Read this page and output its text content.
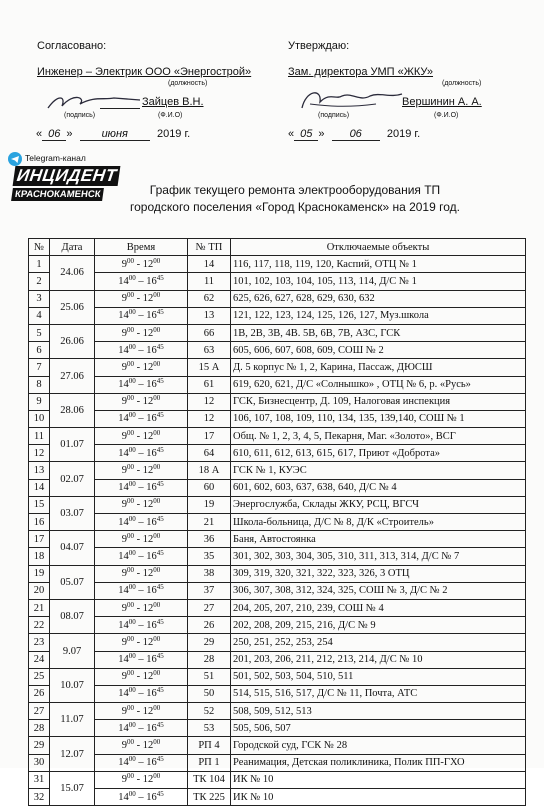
Согласовано:
Инженер – Электрик ООО «Энергострой»
(должность)
(подпись)
Зайцев В.Н.
(Ф.И.О)
« 06 »	июня	2019 г.
Утверждаю:
Зам. директора УМП «ЖКУ»
(должность)
(подпись)
Вершинин А. А.
(Ф.И.О)
« 05 » 06 2019 г.
Telegram-канал
ИНЦИДЕНТ
КРАСНОКАМЕНСК	График текущего ремонта электрооборудования ТП
городского поселения «Город Краснокаменск» на 2019 год.
№	Дата	Время	№ ТП	Отключаемые объекты
1	24.06	$9^{00} - 12^{00}$	14	116, 117, 118, 119, 120, Каспий, ОТЦ № 1
2		$14^{00} - 16^{45}$	11	101, 102, 103, 104, 105, 113, 114, Д/С № 1
3	25.06	$9^{00} - 12^{00}$	62	625, 626, 627, 628, 629, 630, 632
4		$14^{00} - 16^{45}$	13	121, 122, 123, 124, 125, 126, 127, Муз.школа
5	26.06	$9^{00} - 12^{00}$	66	1В, 2В, 3В, 4В. 5В, 6В, 7В, АЗС, ГСК
6		$14^{00} - 16^{45}$	63	605, 606, 607, 608, 609, СОШ № 2
7	27.06	$9^{00} - 12^{00}$	15 А	Д. 5 корпус № 1, 2, Карина, Пассаж, ДЮСШ
8		$14^{00} - 16^{45}$	61	619, 620, 621, Д/С «Солнышко» , ОТЦ № 6, р. «Русь»
9	28.06	$9^{00} - 12^{00}$	12	ГСК, Бизнесцентр, Д. 109, Налоговая инспекция
10		$14^{00} - 16^{45}$	12	106, 107, 108, 109, 110, 134, 135, 139,140, СОШ № 1
11	01.07	$9^{00} - 12^{00}$	17	Общ. № 1, 2, 3, 4, 5, Пекарня, Маг. «Золото», ВСГ
12		$14^{00} - 16^{45}$	64	610, 611, 612, 613, 615, 617, Приют «Доброта»
13	02.07	$9^{00} - 12^{00}$	18 А	ГСК № 1, КУЭС
14		$14^{00} - 16^{45}$	60	601, 602, 603, 637, 638, 640, Д/С № 4
15	03.07	$9^{00} - 12^{00}$	19	Энергослужба, Склады ЖКУ, РСЦ, ВГСЧ
16		$14^{00} - 16^{45}$	21	Школа-больница, Д/С № 8, Д/К «Строитель»
17	04.07	$9^{00} - 12^{00}$	36	Баня, Автостоянка
18		$14^{00} - 16^{45}$	35	301, 302, 303, 304, 305, 310, 311, 313, 314, Д/С № 7
19	05.07	$9^{00} - 12^{00}$	38	309, 319, 320, 321, 322, 323, 326, 3 ОТЦ
20		$14^{00} - 16^{45}$	37	306, 307, 308, 312, 324, 325, СОШ № 3, Д/С № 2
21	08.07	$9^{00} - 12^{00}$	27	204, 205, 207, 210, 239, СОШ № 4
22		$14^{00} - 16^{45}$	26	202, 208, 209, 215, 216, Д/С № 9
23	9.07	$9^{00} - 12^{00}$	29	250, 251, 252, 253, 254
24		$14^{00} - 16^{45}$	28	201, 203, 206, 211, 212, 213, 214, Д/С № 10
25	10.07	$9^{00} - 12^{00}$	51	501, 502, 503, 504, 510, 511
26		$14^{00} - 16^{45}$	50	514, 515, 516, 517, Д/С № 11, Почта, АТС
27	11.07	$9^{00} - 12^{00}$	52	508, 509, 512, 513
28		$14^{00} - 16^{45}$	53	505, 506, 507
29	12.07	$9^{00} - 12^{00}$	РП 4	Городской суд, ГСК № 28
30		$14^{00} - 16^{45}$	РП 1	Реанимация, Детская поликлиника, Полик ПП-ГХО
31	15.07	$9^{00} - 12^{00}$	ТК 104	ИК № 10
32		$14^{00} - 16^{45}$	ТК 225	ИК № 10
